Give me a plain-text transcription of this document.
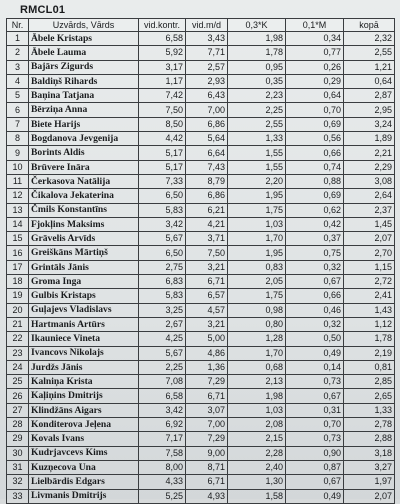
RMCL01
Nr.	Uzvārds, Vārds	vid.kontr.	vid.m/d	0,3*K	0,1*M	kopā
1	Ābele Kristaps	6,58	3,43	1,98	0,34	2,32
2	Ābele Lauma	5,92	7,71	1,78	0,77	2,55
3	Bajārs Zigurds	3,17	2,57	0,95	0,26	1,21
4	Baldiņš Rihards	1,17	2,93	0,35	0,29	0,64
5	Baņina Tatjana	7,42	6,43	2,23	0,64	2,87
6	Bērziņa Anna	7,50	7,00	2,25	0,70	2,95
7	Biete Harijs	8,50	6,86	2,55	0,69	3,24
8	Bogdanova Jevgenija	4,42	5,64	1,33	0,56	1,89
9	Borints Aldis	5,17	6,64	1,55	0,66	2,21
10	Brūvere Ināra	5,17	7,43	1,55	0,74	2,29
11	Čerkasova Natālija	7,33	8,79	2,20	0,88	3,08
12	Čikalova Jekaterina	6,50	6,86	1,95	0,69	2,64
13	Čmils Konstantīns	5,83	6,21	1,75	0,62	2,37
14	Fjokļins Maksims	3,42	4,21	1,03	0,42	1,45
15	Grāvelis Arvīds	5,67	3,71	1,70	0,37	2,07
16	Greiškāns Mārtiņš	6,50	7,50	1,95	0,75	2,70
17	Grintāls Jānis	2,75	3,21	0,83	0,32	1,15
18	Groma Inga	6,83	6,71	2,05	0,67	2,72
19	Gulbis Kristaps	5,83	6,57	1,75	0,66	2,41
20	Guļajevs Vladislavs	3,25	4,57	0,98	0,46	1,43
21	Hartmanis Artūrs	2,67	3,21	0,80	0,32	1,12
22	Ikauniece Vineta	4,25	5,00	1,28	0,50	1,78
23	Ivancovs Nikolajs	5,67	4,86	1,70	0,49	2,19
24	Jurdžs Jānis	2,25	1,36	0,68	0,14	0,81
25	Kalniņa Krista	7,08	7,29	2,13	0,73	2,85
26	Kaļiņins Dmitrijs	6,58	6,71	1,98	0,67	2,65
27	Klindžāns Aigars	3,42	3,07	1,03	0,31	1,33
28	Konditerova Jeļena	6,92	7,00	2,08	0,70	2,78
29	Kovals Ivans	7,17	7,29	2,15	0,73	2,88
30	Kudrjavcevs Kims	7,58	9,00	2,28	0,90	3,18
31	Kuzņecova Una	8,00	8,71	2,40	0,87	3,27
32	Lielbārdis Edgars	4,33	6,71	1,30	0,67	1,97
33	Livmanis Dmitrijs	5,25	4,93	1,58	0,49	2,07
